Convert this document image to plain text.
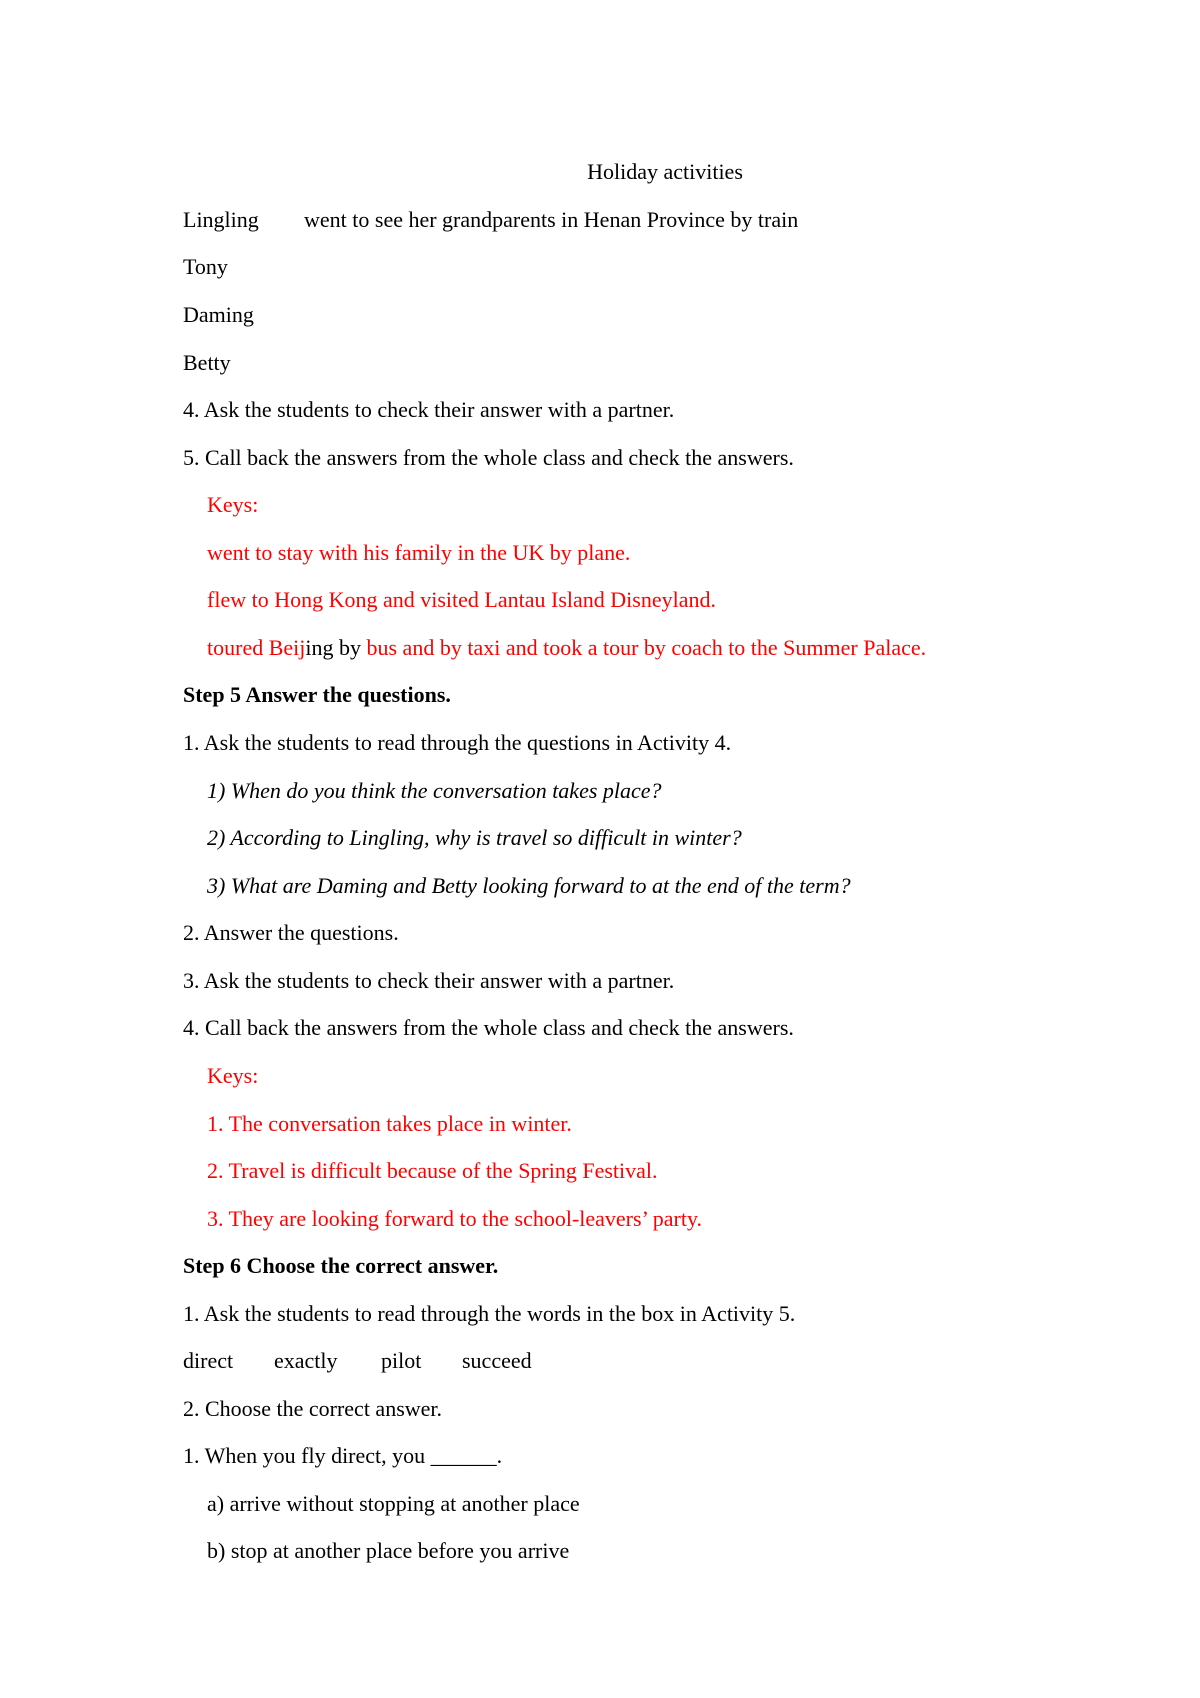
Holiday activities
Lingling went to see her grandparents in Henan Province by train
Tony
Daming
Betty
4. Ask the students to check their answer with a partner.
5. Call back the answers from the whole class and check the answers.
Keys:
went to stay with his family in the UK by plane.
flew to Hong Kong and visited Lantau Island Disneyland.
toured Beijing by bus and by taxi and took a tour by coach to the Summer Palace.
Step 5 Answer the questions.
1. Ask the students to read through the questions in Activity 4.
1) When do you think the conversation takes place?
2) According to Lingling, why is travel so difficult in winter?
3) What are Daming and Betty looking forward to at the end of the term?
2. Answer the questions.
3. Ask the students to check their answer with a partner.
4. Call back the answers from the whole class and check the answers.
Keys:
1. The conversation takes place in winter.
2. Travel is difficult because of the Spring Festival.
3. They are looking forward to the school-leavers’ party.
Step 6 Choose the correct answer.
1. Ask the students to read through the words in the box in Activity 5.
direct exactly pilot succeed
2. Choose the correct answer.
1. When you fly direct, you ______.
a) arrive without stopping at another place
b) stop at another place before you arrive
